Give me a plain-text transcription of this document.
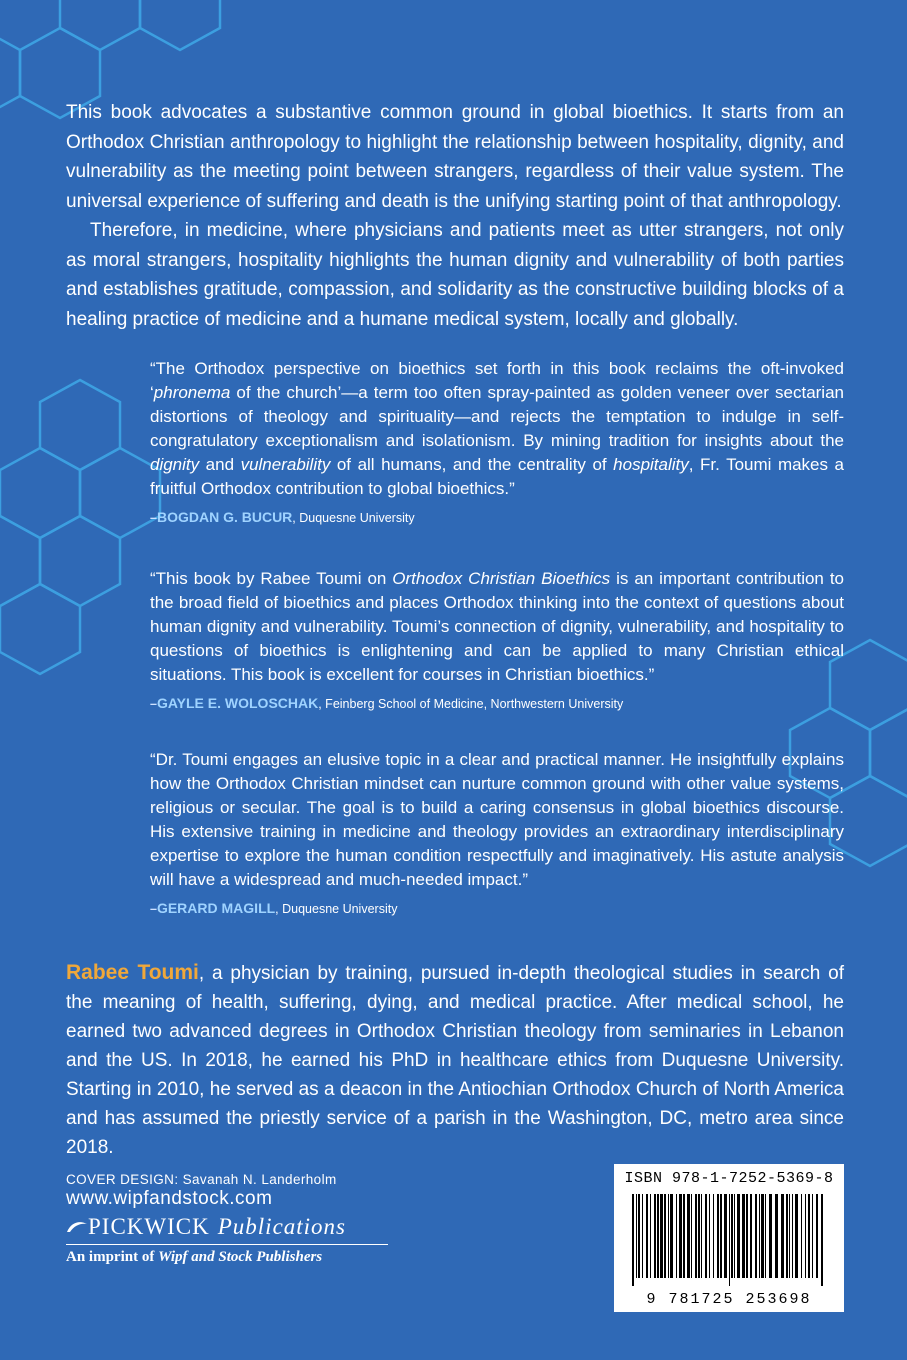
This book advocates a substantive common ground in global bioethics. It starts from an Orthodox Christian anthropology to highlight the relationship between hospitality, dignity, and vulnerability as the meeting point between strangers, regardless of their value system. The universal experience of suffering and death is the unifying starting point of that anthropology.

Therefore, in medicine, where physicians and patients meet as utter strangers, not only as moral strangers, hospitality highlights the human dignity and vulnerability of both parties and establishes gratitude, compassion, and solidarity as the constructive building blocks of a healing practice of medicine and a humane medical system, locally and globally.

“The Orthodox perspective on bioethics set forth in this book reclaims the oft-invoked ‘phronema of the church’—a term too often spray-painted as golden veneer over sectarian distortions of theology and spirituality—and rejects the temptation to indulge in self-congratulatory exceptionalism and isolationism. By mining tradition for insights about the dignity and vulnerability of all humans, and the centrality of hospitality, Fr. Toumi makes a fruitful Orthodox contribution to global bioethics.”

–BOGDAN G. BUCUR, Duquesne University

“This book by Rabee Toumi on Orthodox Christian Bioethics is an important contribution to the broad field of bioethics and places Orthodox thinking into the context of questions about human dignity and vulnerability. Toumi’s connection of dignity, vulnerability, and hospitality to questions of bioethics is enlightening and can be applied to many Christian ethical situations. This book is excellent for courses in Christian bioethics.”

–GAYLE E. WOLOSCHAK, Feinberg School of Medicine, Northwestern University

“Dr. Toumi engages an elusive topic in a clear and practical manner. He insightfully explains how the Orthodox Christian mindset can nurture common ground with other value systems, religious or secular. The goal is to build a caring consensus in global bioethics discourse. His extensive training in medicine and theology provides an extraordinary interdisciplinary expertise to explore the human condition respectfully and imaginatively. His astute analysis will have a widespread and much-needed impact.”

–GERARD MAGILL, Duquesne University
Rabee Toumi, a physician by training, pursued in-depth theological studies in search of the meaning of health, suffering, dying, and medical practice. After medical school, he earned two advanced degrees in Orthodox Christian theology from seminaries in Lebanon and the US. In 2018, he earned his PhD in healthcare ethics from Duquesne University. Starting in 2010, he served as a deacon in the Antiochian Orthodox Church of North America and has assumed the priestly service of a parish in the Washington, DC, metro area since 2018.
COVER DESIGN: Savanah N. Landerholm
www.wipfandstock.com
PICKWICK Publications
An imprint of Wipf and Stock Publishers
ISBN 978-1-7252-5369-8
9 781725 253698
